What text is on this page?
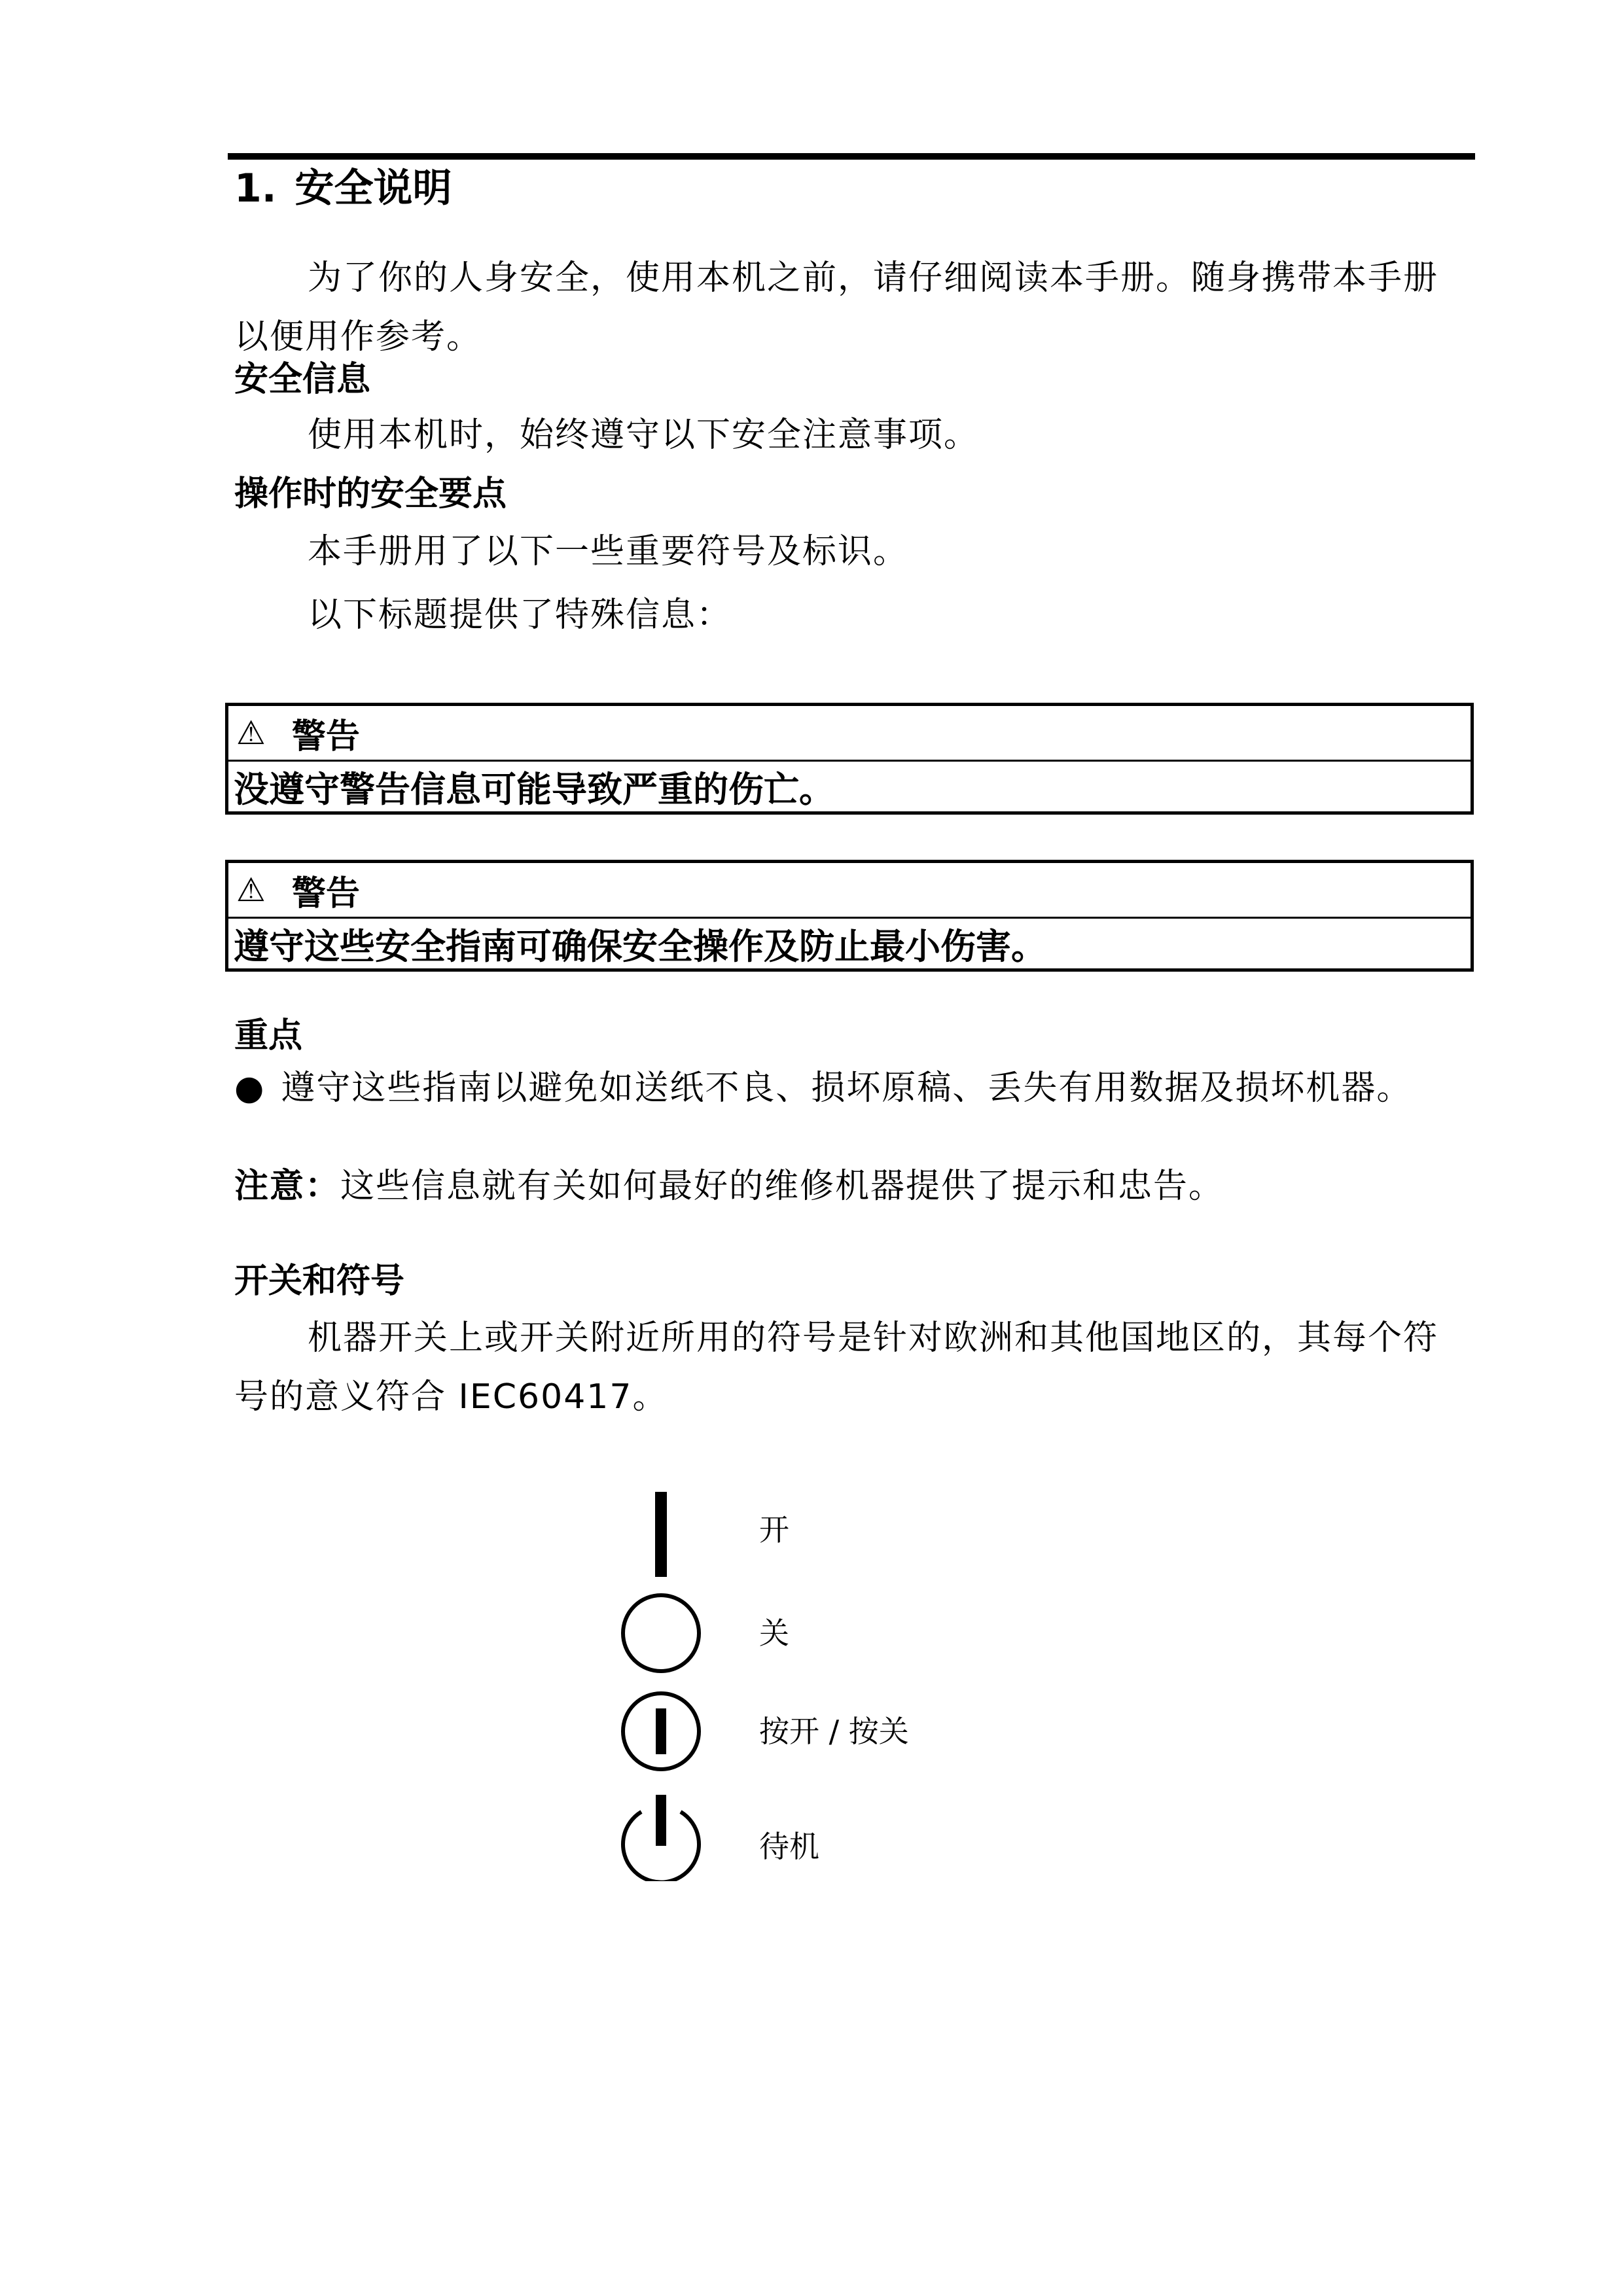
1. 安全说明
为了你的人身安全，使用本机之前，请仔细阅读本手册。随身携带本手册以便用作参考。
安全信息
使用本机时，始终遵守以下安全注意事项。
操作时的安全要点
本手册用了以下一些重要符号及标识。
以下标题提供了特殊信息：
⚠ 警告
没遵守警告信息可能导致严重的伤亡。
⚠ 警告
遵守这些安全指南可确保安全操作及防止最小伤害。
重点
● 遵守这些指南以避免如送纸不良、损坏原稿、丢失有用数据及损坏机器。
注意：这些信息就有关如何最好的维修机器提供了提示和忠告。
开关和符号
机器开关上或开关附近所用的符号是针对欧洲和其他国地区的，其每个符号的意义符合 IEC60417。
开
关
按开 / 按关
待机
